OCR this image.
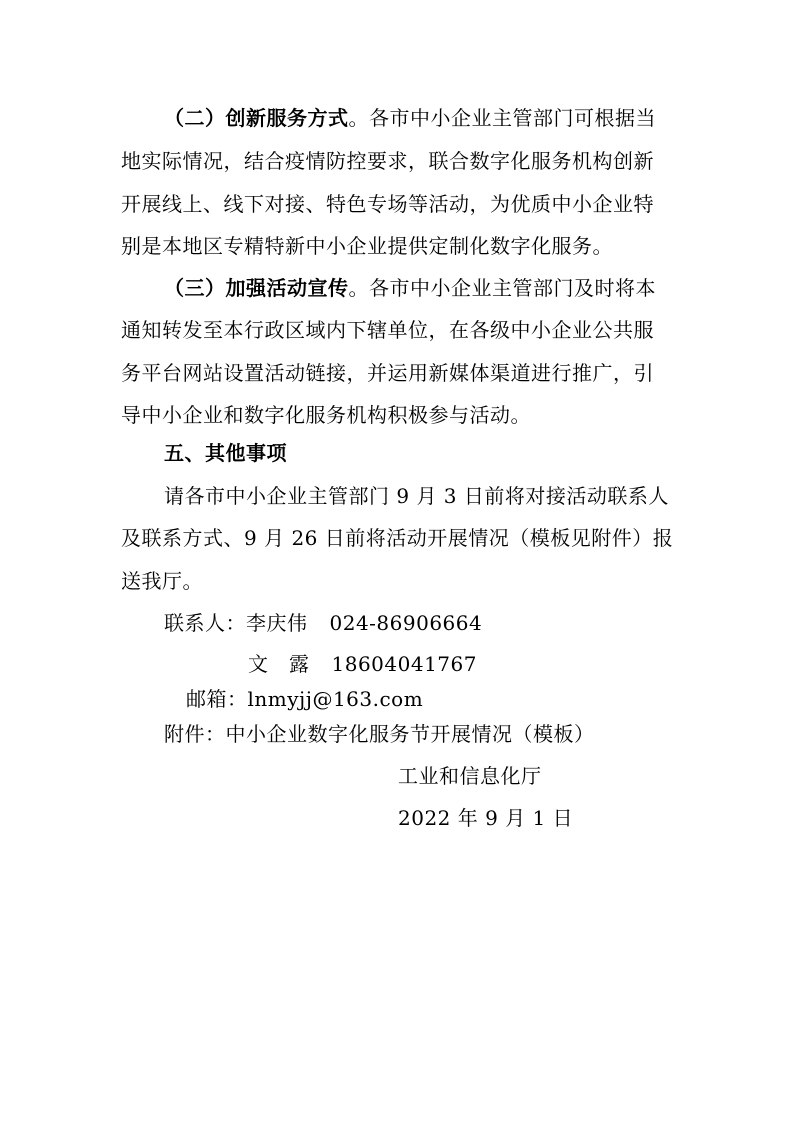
（二）创新服务方式。各市中小企业主管部门可根据当
地实际情况，结合疫情防控要求，联合数字化服务机构创新
开展线上、线下对接、特色专场等活动，为优质中小企业特
别是本地区专精特新中小企业提供定制化数字化服务。
（三）加强活动宣传。各市中小企业主管部门及时将本
通知转发至本行政区域内下辖单位，在各级中小企业公共服
务平台网站设置活动链接，并运用新媒体渠道进行推广，引
导中小企业和数字化服务机构积极参与活动。
五、其他事项
请各市中小企业主管部门 9 月 3 日前将对接活动联系人
及联系方式、9 月 26 日前将活动开展情况（模板见附件）报
送我厅。
联系人：李庆伟 024-86906664
文　露 18604041767
邮箱：lnmyjj@163.com
附件：中小企业数字化服务节开展情况（模板）
工业和信息化厅
2022 年 9 月 1 日
